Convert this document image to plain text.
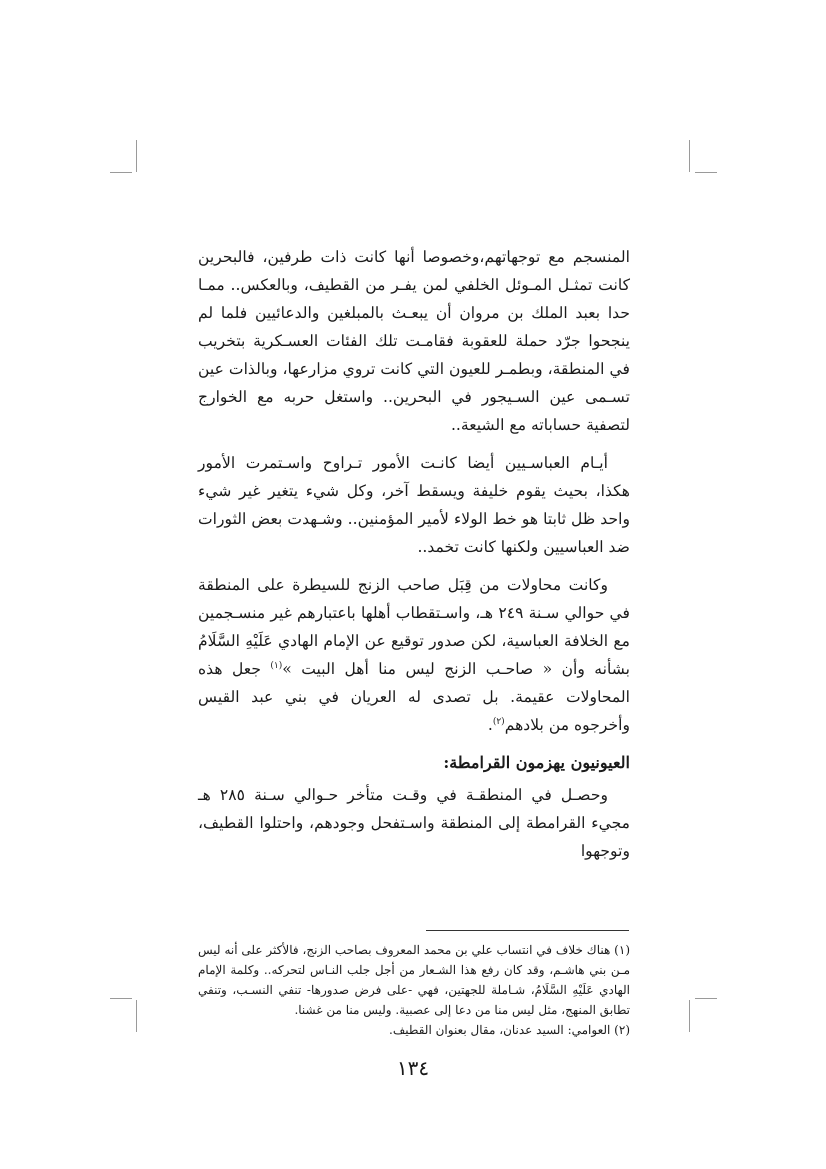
المنسجم مع توجهاتهم،وخصوصا أنها كانت ذات طرفين، فالبحرين كانت تمثـل المـوئل الخلفي لمن يفـر من القطيف، وبالعكس.. ممـا حدا بعبد الملك بن مروان أن يبعـث بالمبلغين والدعائيين فلما لم ينجحوا جرّد حملة للعقوبة فقامـت تلك الفئات العسـكرية بتخريب في المنطقة، وبطمـر للعيون التي كانت تروي مزارعها، وبالذات عين تسـمى عين السـيجور في البحرين.. واستغل حربه مع الخوارج لتصفية حساباته مع الشيعة..

أيـام العباسـيين أيضا كانـت الأمور تـراوح واسـتمرت الأمور هكذا، بحيث يقوم خليفة ويسقط آخر، وكل شيء يتغير غير شيء واحد ظل ثابتا هو خط الولاء لأمير المؤمنين.. وشـهدت بعض الثورات ضد العباسيين ولكنها كانت تخمد..

وكانت محاولات من قِبَل صاحب الزنج للسيطرة على المنطقة في حوالي سـنة ٢٤٩ هـ، واسـتقطاب أهلها باعتبارهم غير منسـجمين مع الخلافة العباسية، لكن صدور توقيع عن الإمام الهادي عَلَيْهِ السَّلَامُ بشأنه وأن « صاحـب الزنج ليس منا أهل البيت »$^{(١)}$ جعل هذه المحاولات عقيمة. بل تصدى له العريان في بني عبد القيس وأخرجوه من بلادهم$^{(٢)}$.

العيونيون يهزمون القرامطة:

وحصـل في المنطقـة في وقـت متأخر حـوالي سـنة ٢٨٥ هـ مجيء القرامطة إلى المنطقة واسـتفحل وجودهم، واحتلوا القطيف، وتوجهوا

(١) هناك خلاف في انتساب علي بن محمد المعروف بصاحب الزنج، فالأكثر على أنه ليس مـن بني هاشـم، وقد كان رفع هذا الشـعار من أجل جلب النـاس لتحركه.. وكلمة الإمام الهادي عَلَيْهِ السَّلَامُ، شـاملة للجهتين، فهي -على فرض صدورها- تنفي النسـب، وتنفي تطابق المنهج، مثل ليس منا من دعا إلى عصبية. وليس منا من غشنا.

(٢) العوامي: السيد عدنان، مقال بعنوان القطيف.

١٣٤
